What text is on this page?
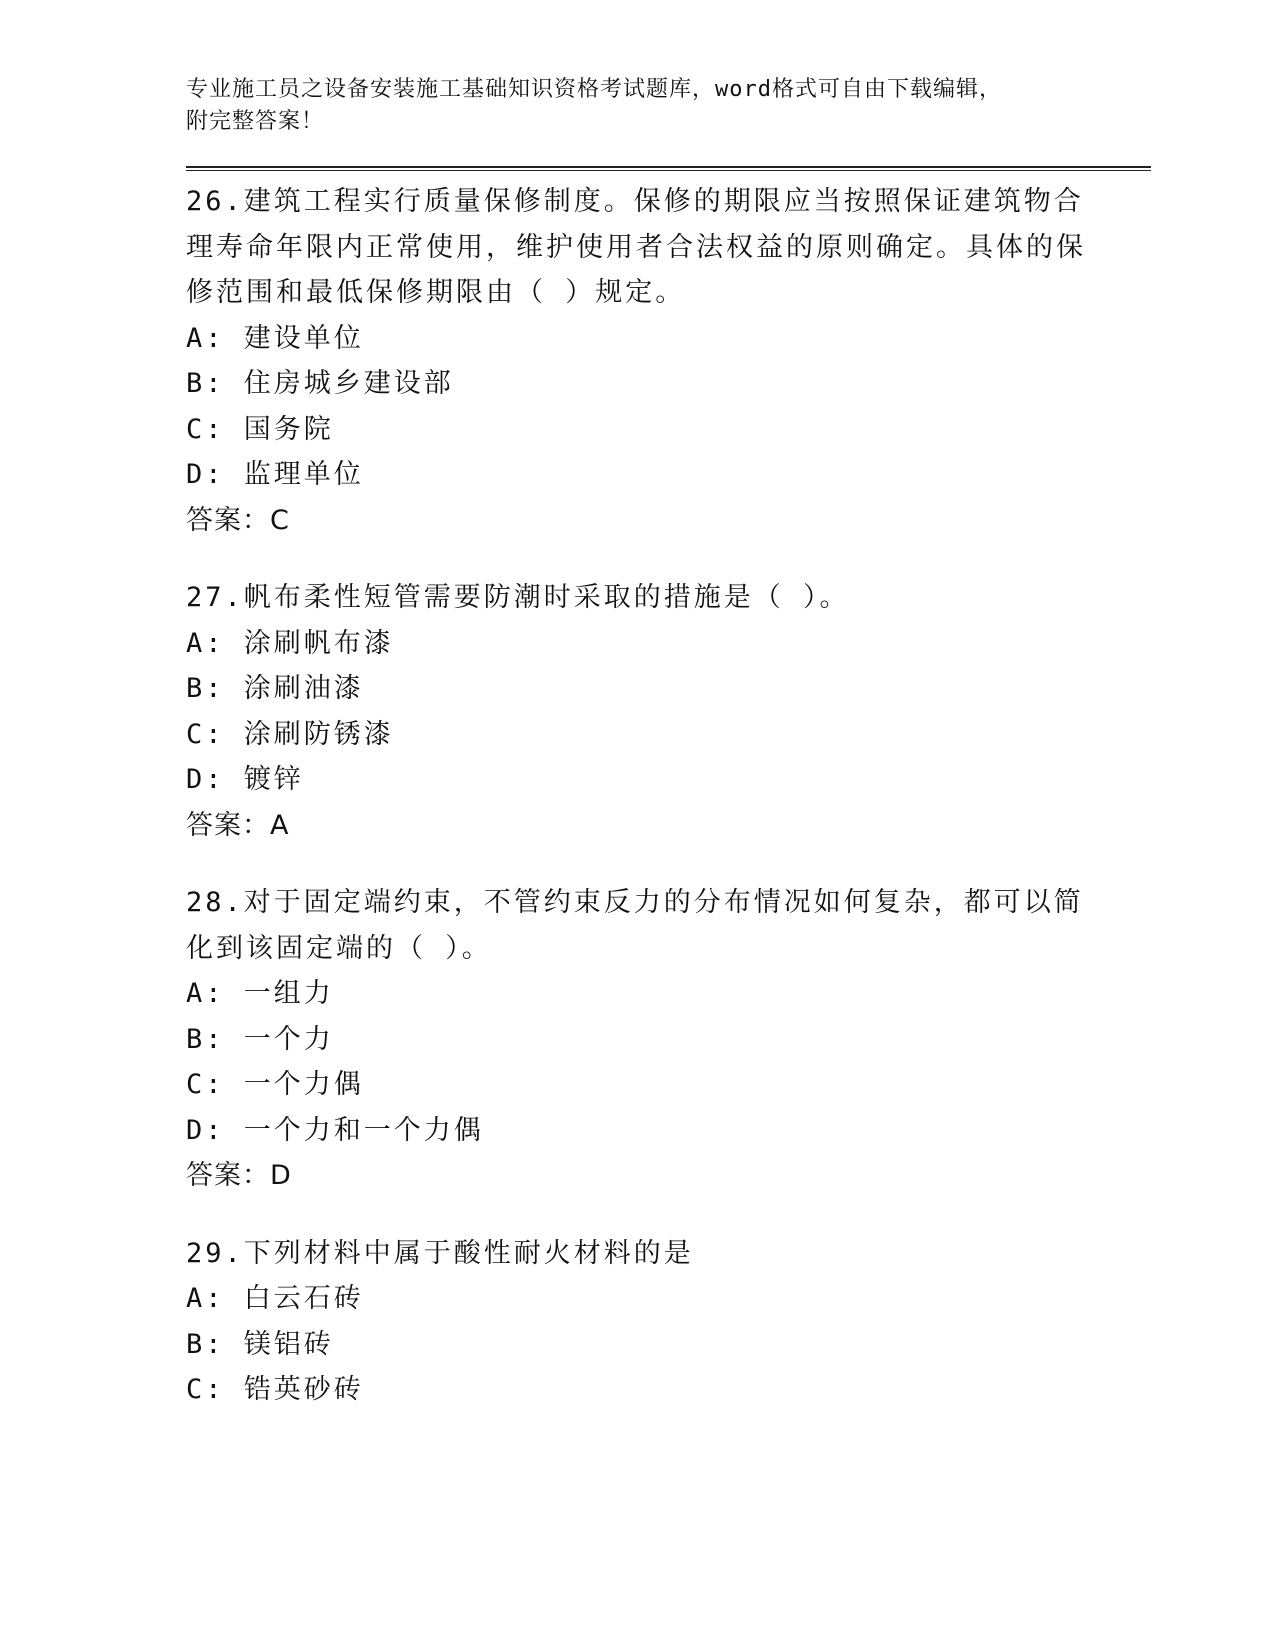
专业施工员之设备安装施工基础知识资格考试题库，word格式可自由下载编辑，
附完整答案！
26.建筑工程实行质量保修制度。保修的期限应当按照保证建筑物合理寿命年限内正常使用，维护使用者合法权益的原则确定。具体的保修范围和最低保修期限由（ ）规定。
A: 建设单位
B: 住房城乡建设部
C: 国务院
D: 监理单位
答案：C
27.帆布柔性短管需要防潮时采取的措施是（ ）。
A: 涂刷帆布漆
B: 涂刷油漆
C: 涂刷防锈漆
D: 镀锌
答案：A
28.对于固定端约束，不管约束反力的分布情况如何复杂，都可以简化到该固定端的（ ）。
A: 一组力
B: 一个力
C: 一个力偶
D: 一个力和一个力偶
答案：D
29.下列材料中属于酸性耐火材料的是
A: 白云石砖
B: 镁铝砖
C: 锆英砂砖
